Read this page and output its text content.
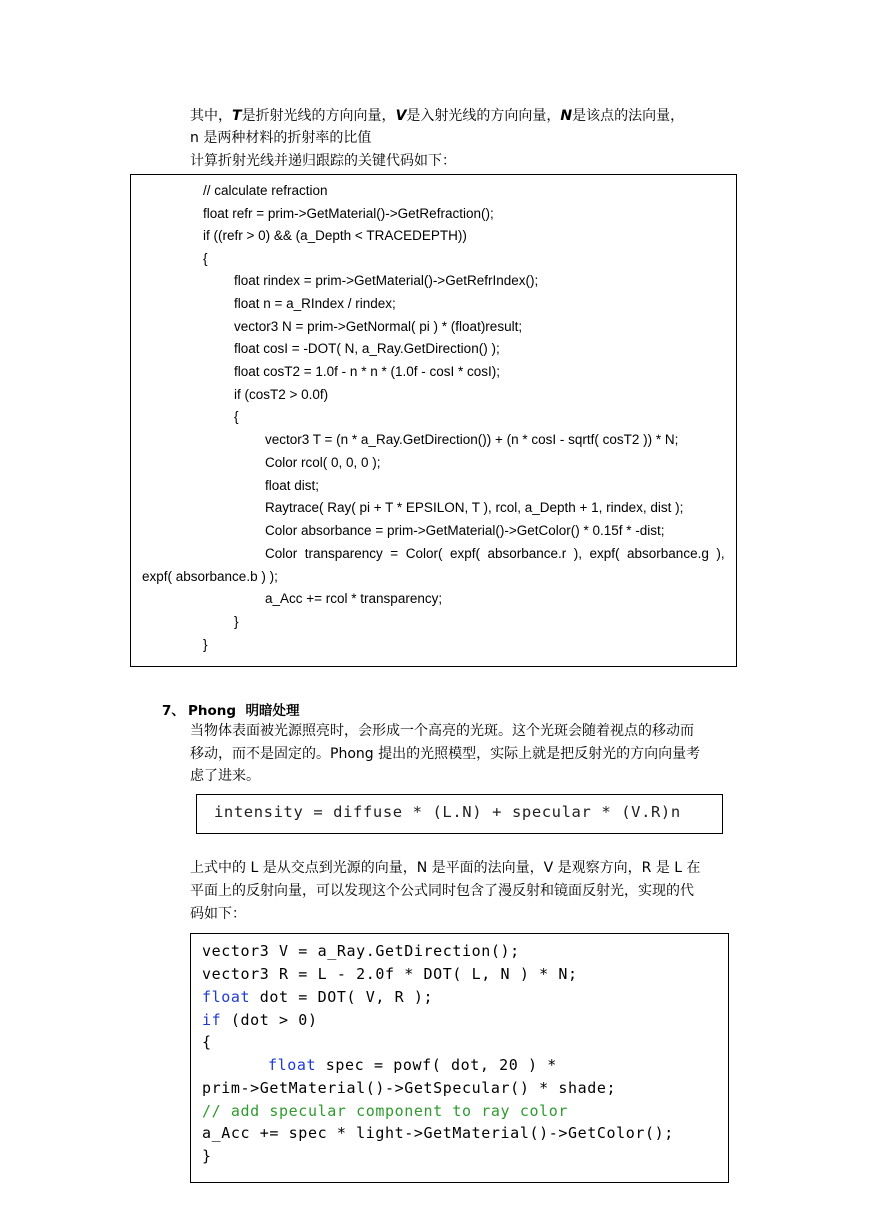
其中，T是折射光线的方向向量，V是入射光线的方向向量，N是该点的法向量，
n 是两种材料的折射率的比值
计算折射光线并递归跟踪的关键代码如下：
// calculate refraction
float refr = prim->GetMaterial()->GetRefraction();
if ((refr > 0) && (a_Depth < TRACEDEPTH))
{
float rindex = prim->GetMaterial()->GetRefrIndex();
float n = a_RIndex / rindex;
vector3 N = prim->GetNormal( pi ) * (float)result;
float cosI = -DOT( N, a_Ray.GetDirection() );
float cosT2 = 1.0f - n * n * (1.0f - cosI * cosI);
if (cosT2 > 0.0f)
{
vector3 T = (n * a_Ray.GetDirection()) + (n * cosI - sqrtf( cosT2 )) * N;
Color rcol( 0, 0, 0 );
float dist;
Raytrace( Ray( pi + T * EPSILON, T ), rcol, a_Depth + 1, rindex, dist );
Color absorbance = prim->GetMaterial()->GetColor() * 0.15f * -dist;
Color  transparency  =  Color(  expf(  absorbance.r  ),  expf(  absorbance.g  ),
expf( absorbance.b ) );
a_Acc += rcol * transparency;
}
}
7、 Phong  明暗处理
当物体表面被光源照亮时，会形成一个高亮的光斑。这个光斑会随着视点的移动而
移动，而不是固定的。Phong 提出的光照模型，实际上就是把反射光的方向向量考
虑了进来。
intensity = diffuse * (L.N) + specular * (V.R)n
上式中的 L 是从交点到光源的向量，N 是平面的法向量，V 是观察方向，R 是 L 在
平面上的反射向量，可以发现这个公式同时包含了漫反射和镜面反射光，实现的代
码如下：
vector3 V = a_Ray.GetDirection();
vector3 R = L - 2.0f * DOT( L, N ) * N;
float dot = DOT( V, R );
if (dot > 0)
{
float spec = powf( dot, 20 ) *
prim->GetMaterial()->GetSpecular() * shade;
// add specular component to ray color
a_Acc += spec * light->GetMaterial()->GetColor();
}
